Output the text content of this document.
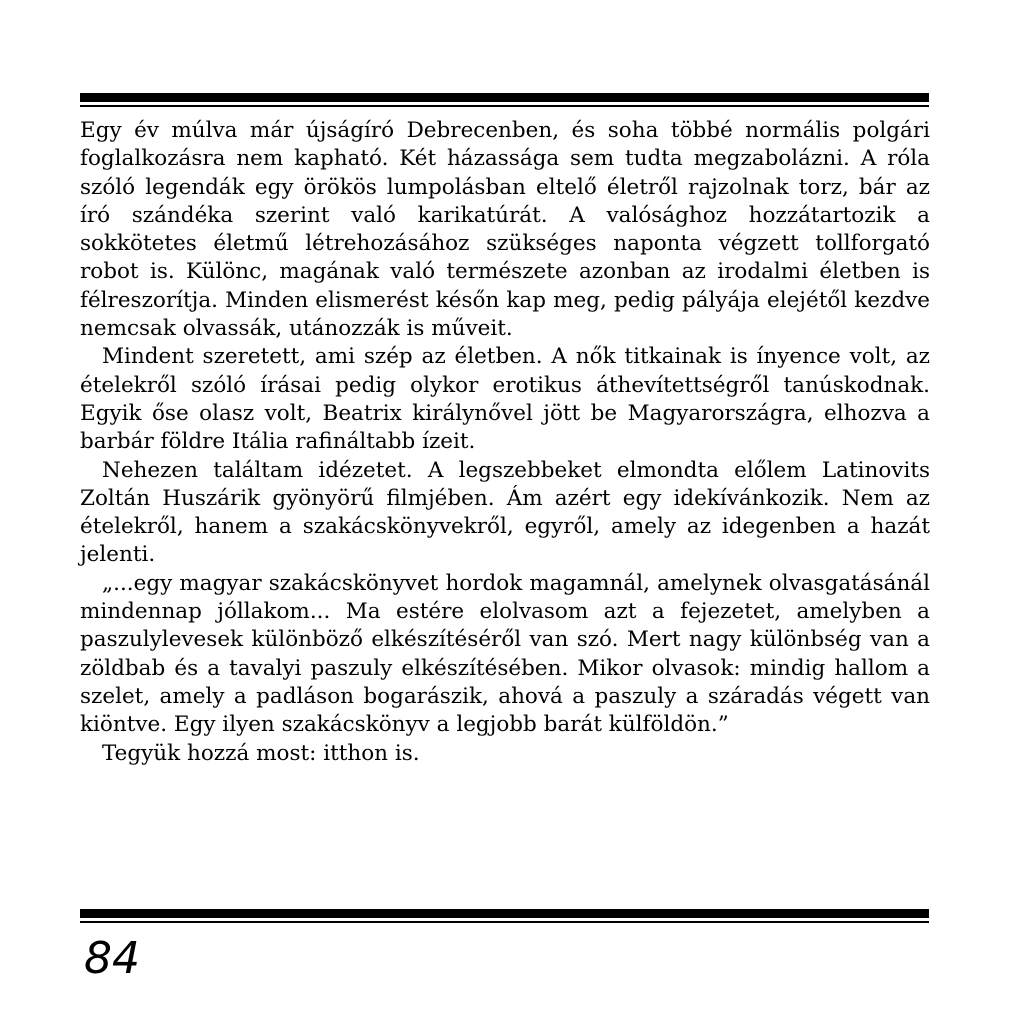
Egy év múlva már újságíró Debrecenben, és soha többé normális polgári foglalkozásra nem kapható. Két házassága sem tudta megzabolázni. A róla szóló legendák egy örökös lumpolásban eltelő életről rajzolnak torz, bár az író szándéka szerint való karikatúrát. A valósághoz hozzátartozik a sokkötetes életmű létrehozásához szükséges naponta végzett tollforgató robot is. Különc, magának való természete azonban az irodalmi életben is félreszorítja. Minden elismerést későn kap meg, pedig pályája elejétől kezdve nemcsak olvassák, utánozzák is műveit.

Mindent szeretett, ami szép az életben. A nők titkainak is ínyence volt, az ételekről szóló írásai pedig olykor erotikus áthevítettségről tanúskodnak. Egyik őse olasz volt, Beatrix királynővel jött be Magyarországra, elhozva a barbár földre Itália rafináltabb ízeit.

Nehezen találtam idézetet. A legszebbeket elmondta előlem Latinovits Zoltán Huszárik gyönyörű filmjében. Ám azért egy idekívánkozik. Nem az ételekről, hanem a szakácskönyvekről, egyről, amely az idegenben a hazát jelenti.

„...egy magyar szakácskönyvet hordok magamnál, amelynek olvasgatásánál mindennap jóllakom... Ma estére elolvasom azt a fejezetet, amelyben a paszulylevesek különböző elkészítéséről van szó. Mert nagy különbség van a zöldbab és a tavalyi paszuly elkészítésében. Mikor olvasok: mindig hallom a szelet, amely a padláson bogarászik, ahová a paszuly a száradás végett van kiöntve. Egy ilyen szakácskönyv a legjobb barát külföldön.”

Tegyük hozzá most: itthon is.

84
